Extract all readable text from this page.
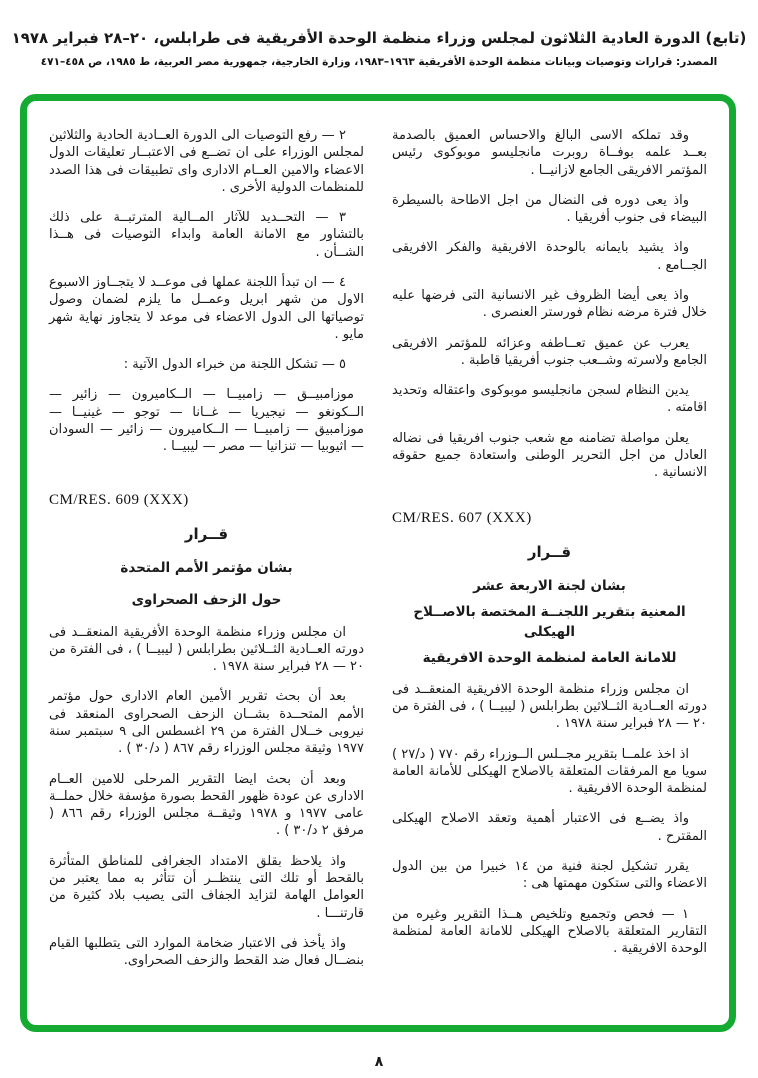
(تابع) الدورة العادية الثلاثون لمجلس وزراء منظمة الوحدة الأفريقية فى طرابلس، ٢٠–٢٨ فبراير ١٩٧٨
المصدر: قرارات وتوصيات وبيانات منظمة الوحدة الأفريقية ١٩٦٣–١٩٨٣، وزارة الخارجية، جمهورية مصر العربية، ط ١٩٨٥، ص ٤٥٨–٤٧١

وقد تملكه الاسى البالغ والاحساس العميق بالصدمة بعــد علمه بوفــاة روبرت مانجليسو موبوكوى رئيس المؤتمر الافريقى الجامع لازانيــا .

واذ يعى دوره فى النضال من اجل الاطاحة بالسيطرة البيضاء فى جنوب أفريقيا .

واذ يشيد بايمانه بالوحدة الافريقية والفكر الافريقى الجــامع .

واذ يعى أيضا الظروف غير الانسانية التى فرضها عليه خلال فترة مرضه نظام فورستر العنصرى .

يعرب عن عميق تعــاطفه وعزائه للمؤتمر الافريقى الجامع ولاسرته وشــعب جنوب أفريقيا قاطبة .

يدين النظام لسجن مانجليسو موبوكوى واعتقاله وتحديد اقامته .

يعلن مواصلة تضامنه مع شعب جنوب افريقيا فى نضاله العادل من اجل التحرير الوطنى واستعادة جميع حقوقه الانسانية .

CM/RES. 607 (XXX)
قــرار
بشان لجنة الاربعة عشر
المعنية بتقرير اللجنــة المختصة بالاصــلاح الهيكلى
للامانة العامة لمنظمة الوحدة الافريقية

ان مجلس وزراء منظمة الوحدة الافريقية المنعقــد فى دورته العــادية الثــلاثين بطرابلس ( ليبيــا ) ، فى الفترة من ٢٠ — ٢٨ فبراير سنة ١٩٧٨ .

اذ اخذ علمــا بتقرير مجــلس الــوزراء رقم ٧٧٠ ( د/٢٧ ) سويا مع المرفقات المتعلقة بالاصلاح الهيكلى للأمانة العامة لمنظمة الوحدة الافريقية .

واذ يضــع فى الاعتبار أهمية وتعقد الاصلاح الهيكلى المقترح .

يقرر تشكيل لجنة فنية من ١٤ خبيرا من بين الدول الاعضاء والتى ستكون مهمتها هى :

١ — فحص وتجميع وتلخيص هــذا التقرير وغيره من التقارير المتعلقة بالاصلاح الهيكلى للامانة العامة لمنظمة الوحدة الافريقية .

٢ — رفع التوصيات الى الدورة العــادية الحادية والثلاثين لمجلس الوزراء على ان تضــع فى الاعتبــار تعليقات الدول الاعضاء والامين العــام الادارى واى تطبيقات فى هذا الصدد للمنظمات الدولية الأخرى .

٣ — التحــديد للآثار المــالية المترتبــة على ذلك بالتشاور مع الامانة العامة وابداء التوصيات فى هــذا الشــأن .

٤ — ان تبدأ اللجنة عملها فى موعــد لا يتجــاوز الاسبوع الاول من شهر ابريل وعمــل ما يلزم لضمان وصول توصياتها الى الدول الاعضاء فى موعد لا يتجاوز نهاية شهر مايو .

٥ — تشكل اللجنة من خبراء الدول الآتية :

موزامبيــق — زامبيــا — الــكاميرون — زائير — الــكونغو — نيجيريا — غــانا — توجو — غينيــا — موزامبيق — زامبيــا — الــكاميرون — زائير — السودان — اثيوبيا — تنزانيا — مصر — ليبيــا .

CM/RES. 609 (XXX)
قــرار
بشان مؤتمر الأمم المتحدة
حول الزحف الصحراوى

ان مجلس وزراء منظمة الوحدة الأفريقية المنعقــد فى دورته العــادية الثــلاثين بطرابلس ( ليبيــا ) ، فى الفترة من ٢٠ — ٢٨ فبراير سنة ١٩٧٨ .

بعد أن بحث تقرير الأمين العام الادارى حول مؤتمر الأمم المتحــدة بشــان الزحف الصحراوى المنعقد فى نيروبى خــلال الفترة من ٢٩ اغسطس الى ٩ سبتمبر سنة ١٩٧٧ وثيقة مجلس الوزراء رقم ٨٦٧ ( د/٣٠ ) .

وبعد أن بحث ايضا التقرير المرحلى للامين العــام الادارى عن عودة ظهور القحط بصورة مؤسفة خلال حملــة عامى ١٩٧٧ و ١٩٧٨ وثيقــة مجلس الوزراء رقم ٨٦٦ ( مرفق ٢ د/٣٠ ) .

واذ يلاحظ بقلق الامتداد الجغرافى للمناطق المتأثرة بالقحط أو تلك التى ينتظــر أن تتأثر به مما يعتبر من العوامل الهامة لتزايد الجفاف التى يصيب بلاد كثيرة من قارتنـــا .

واذ يأخذ فى الاعتبار ضخامة الموارد التى يتطلبها القيام بنضــال فعال ضد القحط والزحف الصحراوى.

٨
